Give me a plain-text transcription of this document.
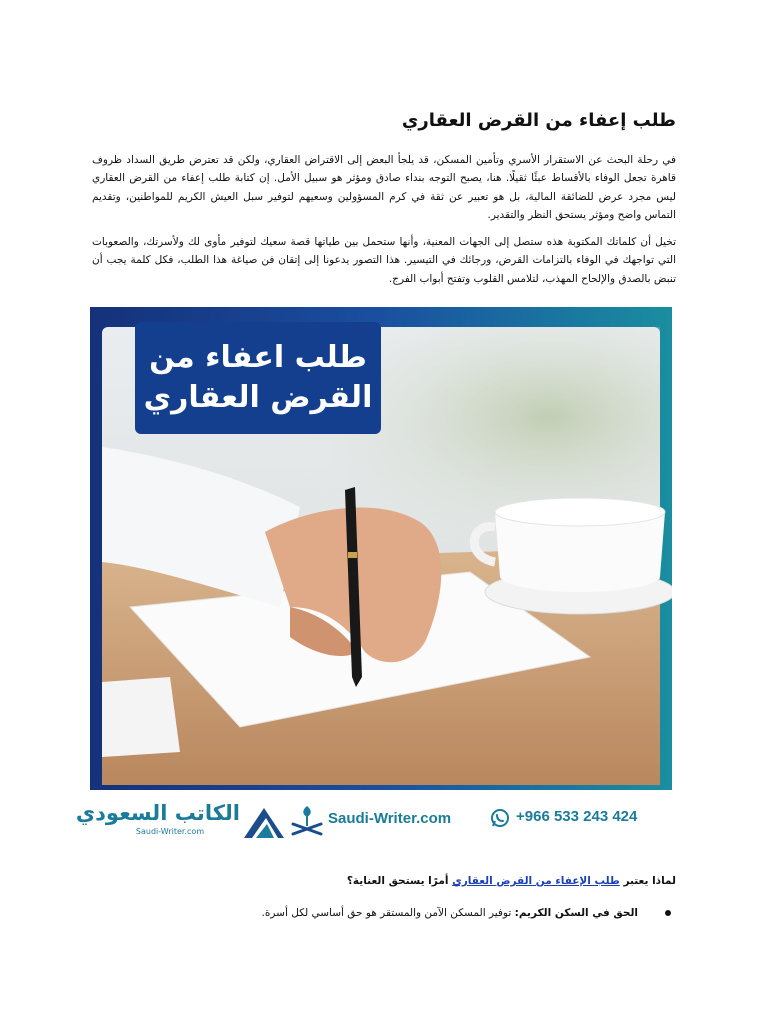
طلب إعفاء من القرض العقاري

في رحلة البحث عن الاستقرار الأسري وتأمين المسكن، قد يلجأ البعض إلى الاقتراض العقاري، ولكن قد تعترض طريق السداد ظروف قاهرة تجعل الوفاء بالأقساط عبئًا ثقيلًا. هنا، يصبح التوجه بنداء صادق ومؤثر هو سبيل الأمل. إن كتابة طلب إعفاء من القرض العقاري ليس مجرد عرض للضائقة المالية، بل هو تعبير عن ثقة في كرم المسؤولين وسعيهم لتوفير سبل العيش الكريم للمواطنين، وتقديم التماس واضح ومؤثر يستحق النظر والتقدير.

تخيل أن كلماتك المكتوبة هذه ستصل إلى الجهات المعنية، وأنها ستحمل بين طياتها قصة سعيك لتوفير مأوى لك ولأسرتك، والصعوبات التي تواجهك في الوفاء بالتزامات القرض، ورجائك في التيسير. هذا التصور يدعونا إلى إتقان فن صياغة هذا الطلب، فكل كلمة يجب أن تنبض بالصدق والإلحاح المهذب، لتلامس القلوب وتفتح أبواب الفرج.

طلب اعفاء من
القرض العقاري
الكاتب السعودي
Saudi-Writer.com
Saudi-Writer.com	+966 533 243 424

لماذا يعتبر طلب الإعفاء من القرض العقاري أمرًا يستحق العناية؟

الحق في السكن الكريم: توفير المسكن الآمن والمستقر هو حق أساسي لكل أسرة.
